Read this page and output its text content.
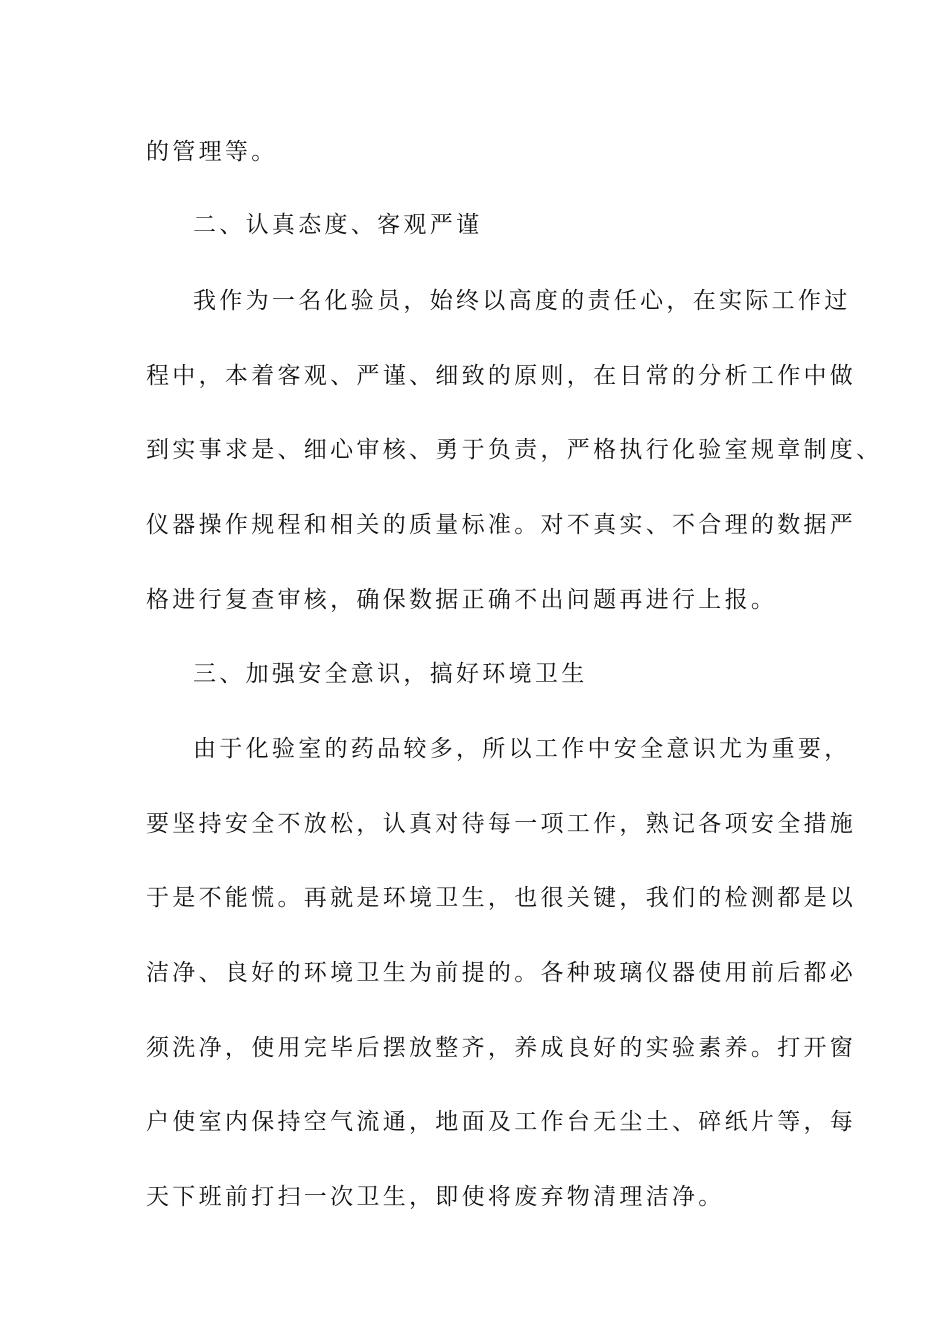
的管理等。
二、认真态度、客观严谨
我作为一名化验员，始终以高度的责任心，在实际工作过
程中，本着客观、严谨、细致的原则，在日常的分析工作中做
到实事求是、细心审核、勇于负责，严格执行化验室规章制度、
仪器操作规程和相关的质量标准。对不真实、不合理的数据严
格进行复查审核，确保数据正确不出问题再进行上报。
三、加强安全意识，搞好环境卫生
由于化验室的药品较多，所以工作中安全意识尤为重要，
要坚持安全不放松，认真对待每一项工作，熟记各项安全措施
于是不能慌。再就是环境卫生，也很关键，我们的检测都是以
洁净、良好的环境卫生为前提的。各种玻璃仪器使用前后都必
须洗净，使用完毕后摆放整齐，养成良好的实验素养。打开窗
户使室内保持空气流通，地面及工作台无尘土、碎纸片等，每
天下班前打扫一次卫生，即使将废弃物清理洁净。
